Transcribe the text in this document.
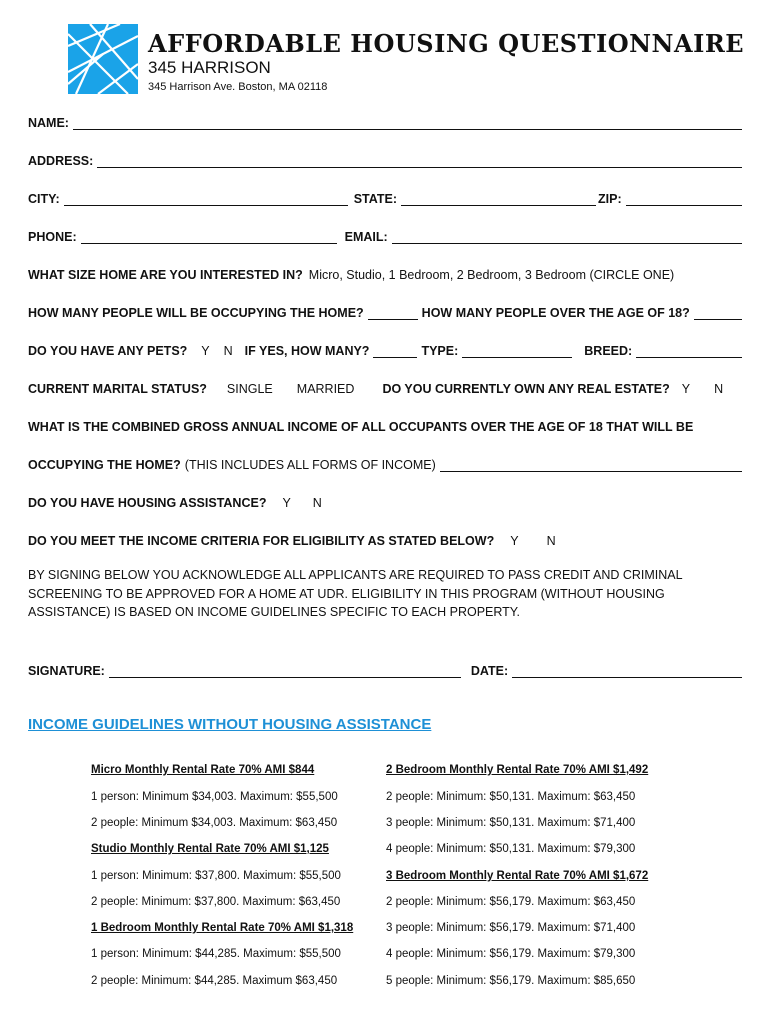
AFFORDABLE HOUSING QUESTIONNAIRE
345 HARRISON
345 Harrison Ave. Boston, MA 02118
NAME:
ADDRESS:
CITY:	STATE:	ZIP:
PHONE:	EMAIL:
WHAT SIZE HOME ARE YOU INTERESTED IN? Micro, Studio, 1 Bedroom, 2 Bedroom, 3 Bedroom (CIRCLE ONE)
HOW MANY PEOPLE WILL BE OCCUPYING THE HOME?	HOW MANY PEOPLE OVER THE AGE OF 18?
DO YOU HAVE ANY PETS? Y N IF YES, HOW MANY?	TYPE:	BREED:
CURRENT MARITAL STATUS? SINGLE MARRIED DO YOU CURRENTLY OWN ANY REAL ESTATE? Y N
WHAT IS THE COMBINED GROSS ANNUAL INCOME OF ALL OCCUPANTS OVER THE AGE OF 18 THAT WILL BE
OCCUPYING THE HOME? (THIS INCLUDES ALL FORMS OF INCOME)
DO YOU HAVE HOUSING ASSISTANCE? Y N
DO YOU MEET THE INCOME CRITERIA FOR ELIGIBILITY AS STATED BELOW? Y N
BY SIGNING BELOW YOU ACKNOWLEDGE ALL APPLICANTS ARE REQUIRED TO PASS CREDIT AND CRIMINAL SCREENING TO BE APPROVED FOR A HOME AT UDR. ELIGIBILITY IN THIS PROGRAM (WITHOUT HOUSING ASSISTANCE) IS BASED ON INCOME GUIDELINES SPECIFIC TO EACH PROPERTY.
SIGNATURE:	DATE:
INCOME GUIDELINES WITHOUT HOUSING ASSISTANCE
Micro Monthly Rental Rate 70% AMI $844
1 person: Minimum $34,003. Maximum: $55,500
2 people: Minimum $34,003. Maximum: $63,450
Studio Monthly Rental Rate 70% AMI $1,125
1 person: Minimum: $37,800. Maximum: $55,500
2 people: Minimum: $37,800. Maximum: $63,450
1 Bedroom Monthly Rental Rate 70% AMI $1,318
1 person: Minimum: $44,285. Maximum: $55,500
2 people: Minimum: $44,285. Maximum $63,450
2 Bedroom Monthly Rental Rate 70% AMI $1,492
2 people: Minimum: $50,131. Maximum: $63,450
3 people: Minimum: $50,131. Maximum: $71,400
4 people: Minimum: $50,131. Maximum: $79,300
3 Bedroom Monthly Rental Rate 70% AMI $1,672
2 people: Minimum: $56,179. Maximum: $63,450
3 people: Minimum: $56,179. Maximum: $71,400
4 people: Minimum: $56,179. Maximum: $79,300
5 people: Minimum: $56,179. Maximum: $85,650
